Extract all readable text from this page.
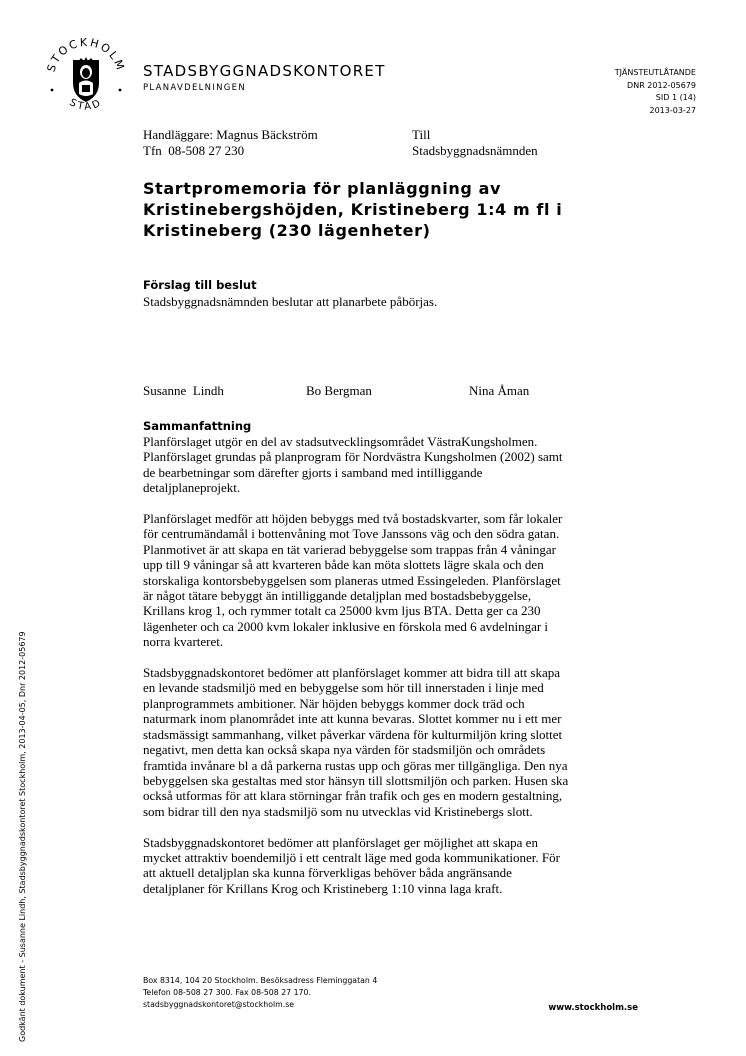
STOCKHOLM
STAD
STADSBYGGNADSKONTORET
PLANAVDELNINGEN
TJÄNSTEUTLÅTANDE
DNR 2012-05679
SID 1 (14)
2013-03-27
Handläggare: Magnus Bäckström
Tfn  08-508 27 230
Till
Stadsbyggnadsnämnden
Startpromemoria för planläggning av Kristinebergshöjden, Kristineberg 1:4 m fl i Kristineberg (230 lägenheter)
Förslag till beslut
Stadsbyggnadsnämnden beslutar att planarbete påbörjas.
Susanne  Lindh	Bo Bergman	Nina Åman
Sammanfattning

Planförslaget utgör en del av stadsutvecklingsområdet VästraKungsholmen.
Planförslaget grundas på planprogram för Nordvästra Kungsholmen (2002) samt
de bearbetningar som därefter gjorts i samband med intilliggande
detaljplaneprojekt.

Planförslaget medför att höjden bebyggs med två bostadskvarter, som får lokaler
för centrumändamål i bottenvåning mot Tove Janssons väg och den södra gatan.
Planmotivet är att skapa en tät varierad bebyggelse som trappas från 4 våningar
upp till 9 våningar så att kvarteren både kan möta slottets lägre skala och den
storskaliga kontorsbebyggelsen som planeras utmed Essingeleden. Planförslaget
är något tätare bebyggt än intilliggande detaljplan med bostadsbebyggelse,
Krillans krog 1, och rymmer totalt ca 25000 kvm ljus BTA. Detta ger ca 230
lägenheter och ca 2000 kvm lokaler inklusive en förskola med 6 avdelningar i
norra kvarteret.

Stadsbyggnadskontoret bedömer att planförslaget kommer att bidra till att skapa
en levande stadsmiljö med en bebyggelse som hör till innerstaden i linje med
planprogrammets ambitioner. När höjden bebyggs kommer dock träd och
naturmark inom planområdet inte att kunna bevaras. Slottet kommer nu i ett mer
stadsmässigt sammanhang, vilket påverkar värdena för kulturmiljön kring slottet
negativt, men detta kan också skapa nya värden för stadsmiljön och områdets
framtida invånare bl a då parkerna rustas upp och göras mer tillgängliga. Den nya
bebyggelsen ska gestaltas med stor hänsyn till slottsmiljön och parken. Husen ska
också utformas för att klara störningar från trafik och ges en modern gestaltning,
som bidrar till den nya stadsmiljö som nu utvecklas vid Kristinebergs slott.

Stadsbyggnadskontoret bedömer att planförslaget ger möjlighet att skapa en
mycket attraktiv boendemiljö i ett centralt läge med goda kommunikationer. För
att aktuell detaljplan ska kunna förverkligas behöver båda angränsande
detaljplaner för Krillans Krog och Kristineberg 1:10 vinna laga kraft.

Box 8314, 104 20 Stockholm. Besöksadress Fleminggatan 4
Telefon 08-508 27 300. Fax 08-508 27 170.
stadsbyggnadskontoret@stockholm.se	www.stockholm.se
Godkänt dokument - Susanne Lindh, Stadsbyggnadskontoret Stockholm, 2013-04-05, Dnr 2012-05679
